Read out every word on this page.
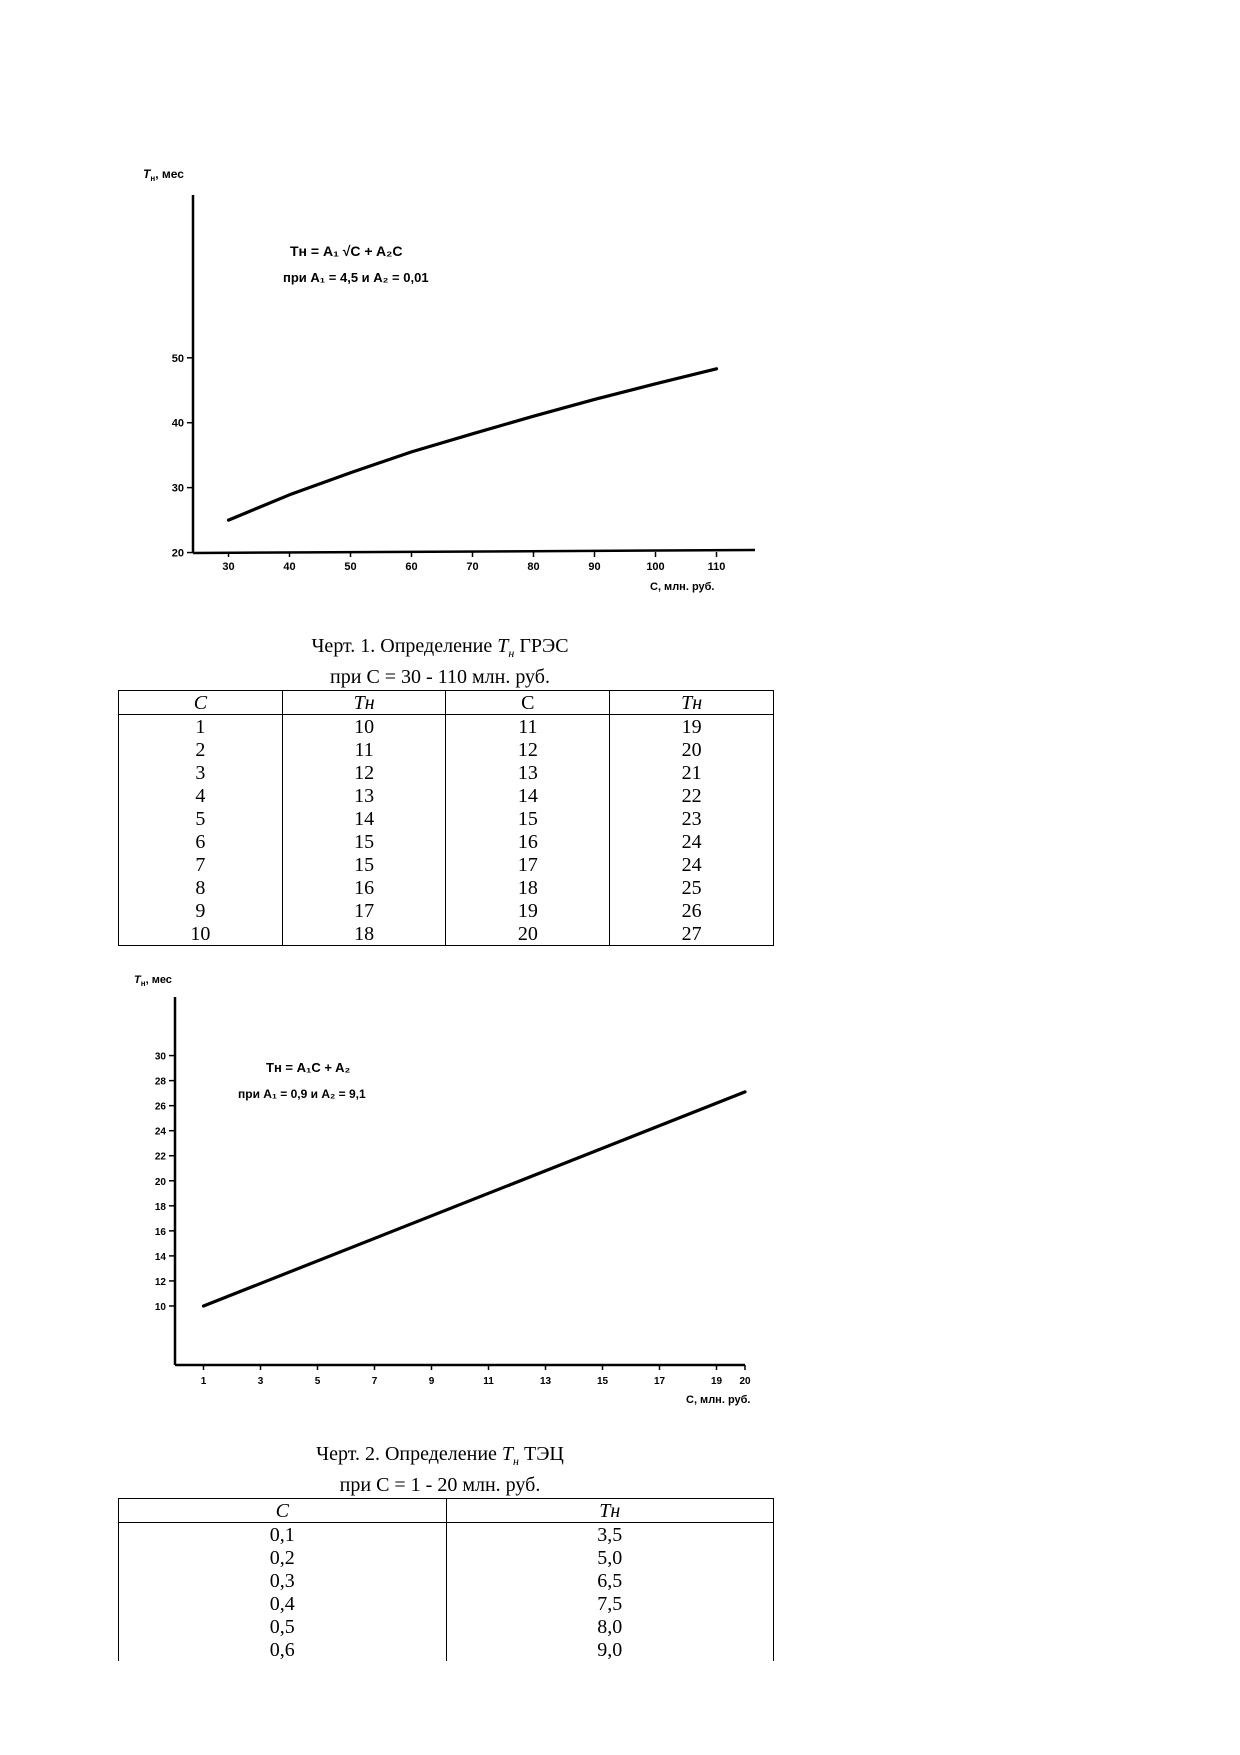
$T_н$, мес
Tн = A₁ √C + A₂C
при A₁ = 4,5 и A₂ = 0,01
С, млн. руб.
30	40	50	60	70	80	90	100	110
20
30
40
50
Черт. 1. Определение $T_н$ ГРЭС
при С = 30 - 110 млн. руб.
С	Tн	С	Tн
1	10	11	19
2	11	12	20
3	12	13	21
4	13	14	22
5	14	15	23
6	15	16	24
7	15	17	24
8	16	18	25
9	17	19	26
10	18	20	27
$T_н$, мес
Tн = A₁C + A₂
при A₁ = 0,9 и A₂ = 9,1
С, млн. руб.
1	3	5	7	9	11	13	15	17	19 20
10
12
14
16
18
20
22
24
26
28
30
Черт. 2. Определение $T_н$ ТЭЦ
при С = 1 - 20 млн. руб.
С	Tн
0,1	3,5
0,2	5,0
0,3	6,5
0,4	7,5
0,5	8,0
0,6	9,0
